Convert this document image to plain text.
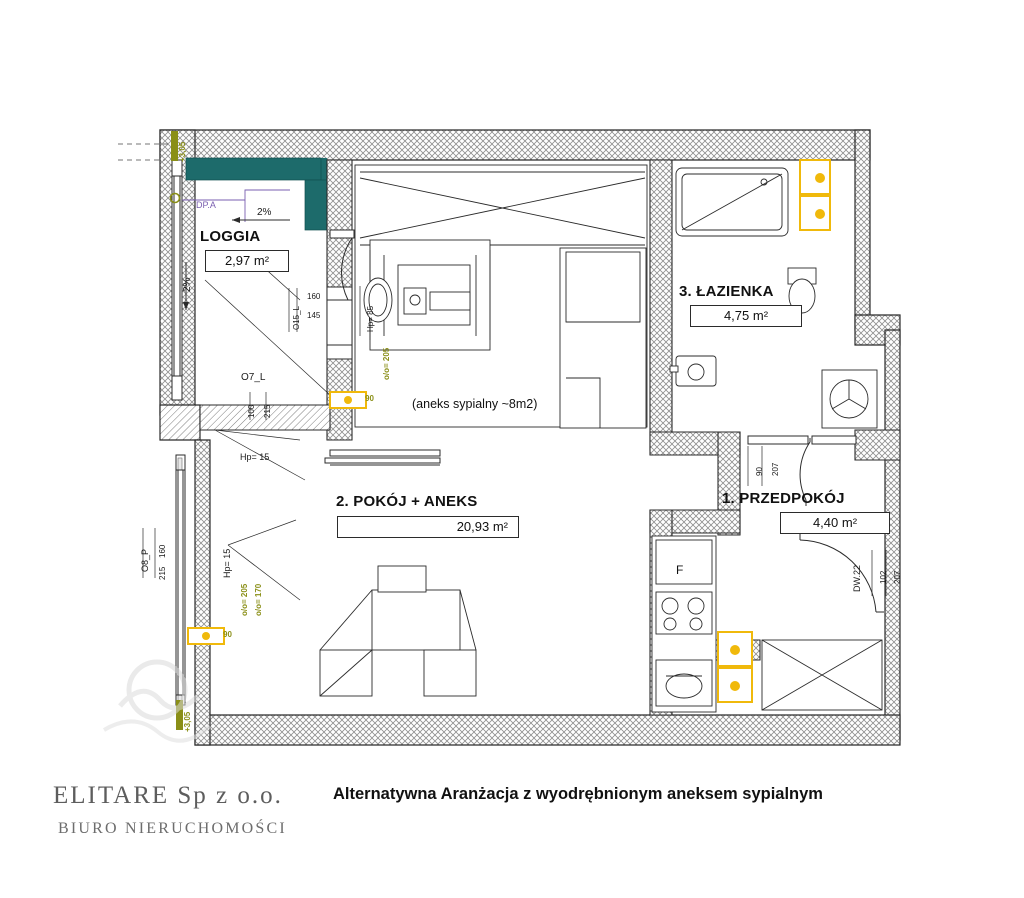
LOGGIA
2,97 m²
3. ŁAZIENKA
4,75 m²
2. POKÓJ + ANEKS
20,93 m²
1. PRZEDPOKÓJ
4,40 m²
(aneks sypialny ~8m2)
2%
2%
DP.A
O15_L
160
145	Hp= 85
O7_L
100 215
Hp= 15
O8_P 160
215	Hp= 15
90 207
DW.22 102 207
90
o/o= 205
90
o/o= 205 o/o= 170
+3,05
+3,05
F
Alternatywna Aranżacja z wyodrębnionym aneksem sypialnym
ELITARE Sp z o.o.
BIURO NIERUCHOMOŚCI
